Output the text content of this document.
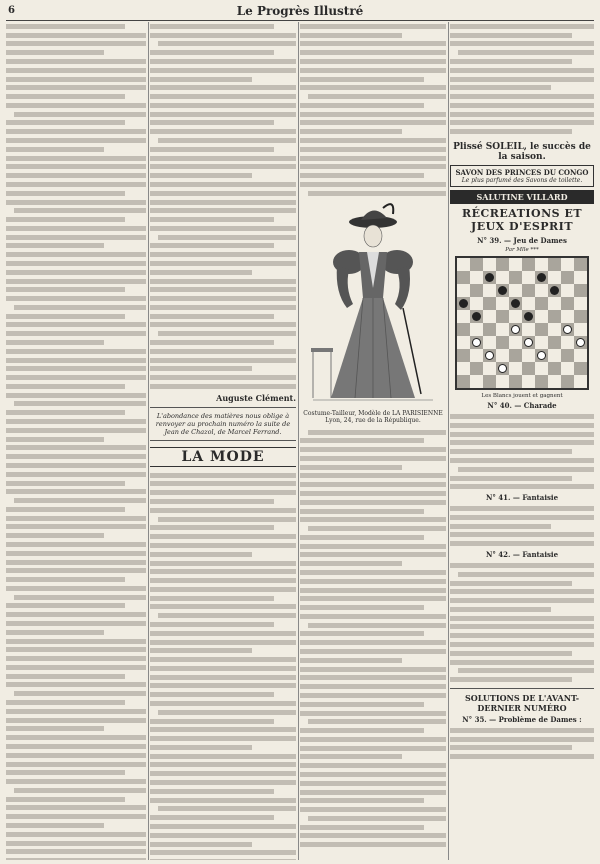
6	Le Progrès Illustré
Auguste Clément.
L'abondance des matières nous oblige à renvoyer au prochain numéro la suite de Jean de Chazol, de Marcel Ferrand.
LA MODE
Costume-Tailleur, Modèle de LA PARISIENNE Lyon, 24, rue de la République.
Plissé SOLEIL, le succès de la saison.
SAVON DES PRINCES DU CONGO
Le plus parfumé des Savons de toilette.
SALUTINE VILLARD
RÉCREATIONS ET JEUX D'ESPRIT
N° 39. — Jeu de Dames
Par Mlle ***
Les Blancs jouent et gagnent
N° 40. — Charade
N° 41. — Fantaisie
N° 42. — Fantaisie
SOLUTIONS DE L'AVANT-DERNIER NUMÉRO
N° 35. — Problème de Dames :
